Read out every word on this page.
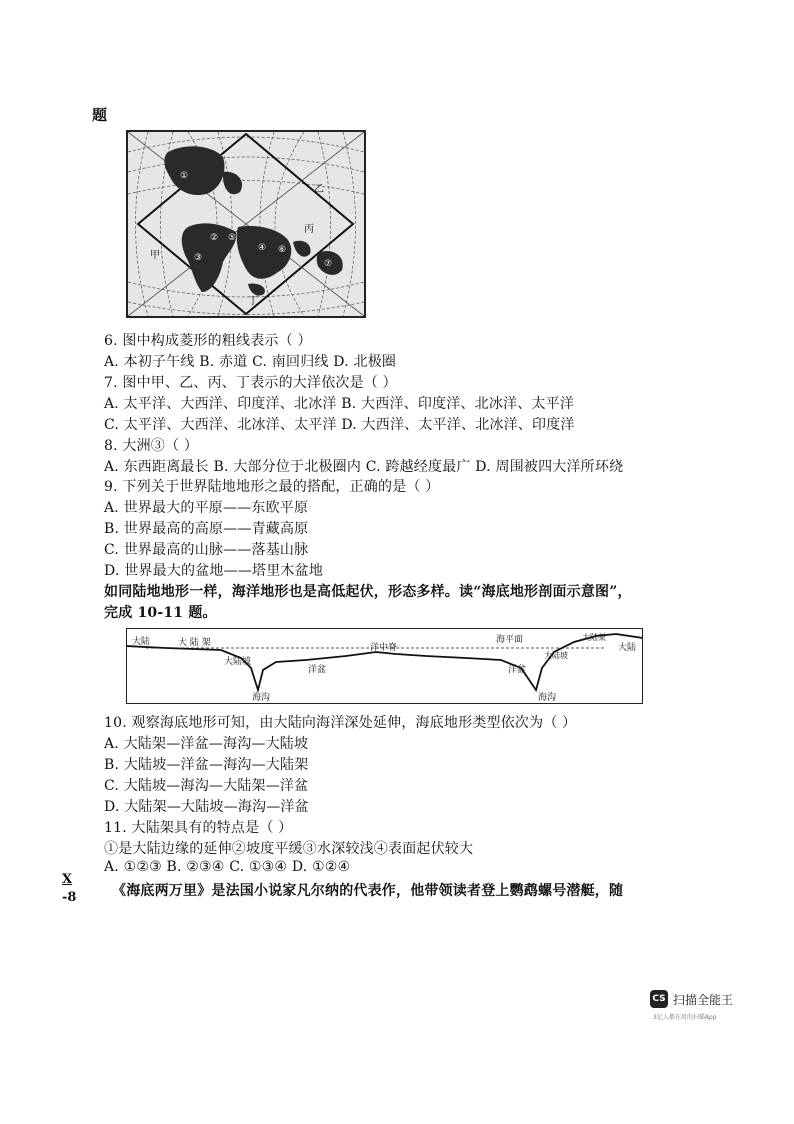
题
①
②
③
④
⑤
⑥
⑦
甲
乙
丙
丁
6. 图中构成菱形的粗线表示（ ）
A. 本初子午线 B. 赤道 C. 南回归线 D. 北极圈
7. 图中甲、乙、丙、丁表示的大洋依次是（ ）
A. 太平洋、大西洋、印度洋、北冰洋 B. 大西洋、印度洋、北冰洋、太平洋
C. 太平洋、大西洋、北冰洋、太平洋 D. 大西洋、太平洋、北冰洋、印度洋
8. 大洲③（ ）
A. 东西距离最长 B. 大部分位于北极圈内 C. 跨越经度最广 D. 周围被四大洋所环绕
9. 下列关于世界陆地地形之最的搭配，正确的是（ ）
A. 世界最大的平原——东欧平原
B. 世界最高的高原——青藏高原
C. 世界最高的山脉——落基山脉
D. 世界最大的盆地——塔里木盆地
如同陆地地形一样，海洋地形也是高低起伏，形态多样。读“海底地形剖面示意图”，
完成 10-11 题。
大陆	大 陆 架
大陆坡
洋盆
洋中脊
海平面
洋盆
大陆坡
大陆架
大陆
海沟	海沟
10. 观察海底地形可知，由大陆向海洋深处延伸，海底地形类型依次为（ ）
A. 大陆架—洋盆—海沟—大陆坡
B. 大陆坡—洋盆—海沟—大陆架
C. 大陆坡—海沟—大陆架—洋盆
D. 大陆架—大陆坡—海沟—洋盆
11. 大陆架具有的特点是（ ）
①是大陆边缘的延伸②坡度平缓③水深较浅④表面起伏较大
A. ①②③ B. ②③④ C. ①③④ D. ①②④
X
-8	《海底两万里》是法国小说家凡尔纳的代表作，他带领读者登上鹦鹉螺号潜艇，随
CS 扫描全能王
3亿人都在用的扫描App
